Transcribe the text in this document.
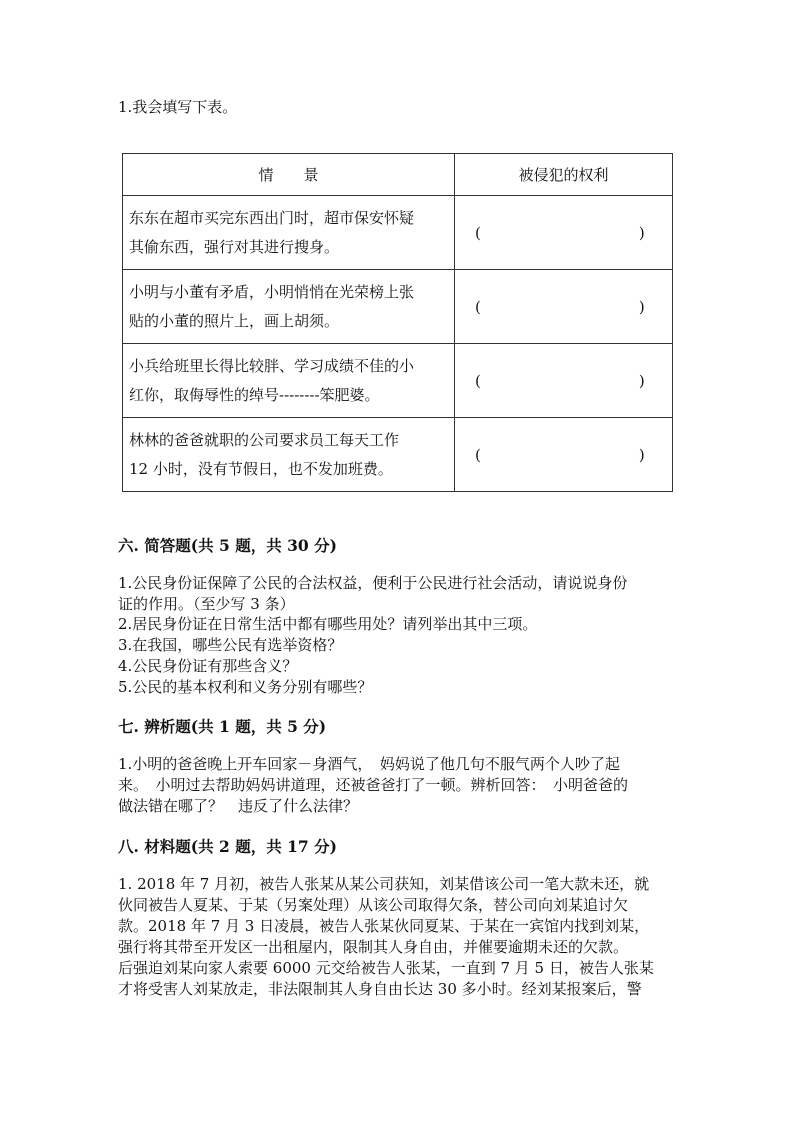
1.我会填写下表。
情　　景	被侵犯的权利

东东在超市买完东西出门时，超市保安怀疑
其偷东西，强行对其进行搜身。	( )

小明与小董有矛盾，小明悄悄在光荣榜上张
贴的小董的照片上，画上胡须。	( )

小兵给班里长得比较胖、学习成绩不佳的小
红你，取侮辱性的绰号--------笨肥婆。	( )

林林的爸爸就职的公司要求员工每天工作
12 小时，没有节假日，也不发加班费。	( )
六. 简答题(共 5 题，共 30 分)
1.公民身份证保障了公民的合法权益，便利于公民进行社会活动，请说说身份
证的作用。（至少写 3 条）
2.居民身份证在日常生活中都有哪些用处？请列举出其中三项。
3.在我国，哪些公民有选举资格？
4.公民身份证有那些含义？
5.公民的基本权利和义务分别有哪些？
七. 辨析题(共 1 题，共 5 分)
1.小明的爸爸晚上开车回家－身酒气，　妈妈说了他几句不服气两个人吵了起
来。　小明过去帮助妈妈讲道理，还被爸爸打了一顿。辨析回答：　小明爸爸的
做法错在哪了？　违反了什么法律？
八. 材料题(共 2 题，共 17 分)
1. 2018 年 7 月初，被告人张某从某公司获知，刘某借该公司一笔大款未还，就
伙同被告人夏某、于某（另案处理）从该公司取得欠条，替公司向刘某追讨欠
款。2018 年 7 月 3 日凌晨，被告人张某伙同夏某、于某在一宾馆内找到刘某，
强行将其带至开发区一出租屋内，限制其人身自由，并催要逾期未还的欠款。
后强迫刘某向家人索要 6000 元交给被告人张某，一直到 7 月 5 日，被告人张某
才将受害人刘某放走，非法限制其人身自由长达 30 多小时。经刘某报案后，警
